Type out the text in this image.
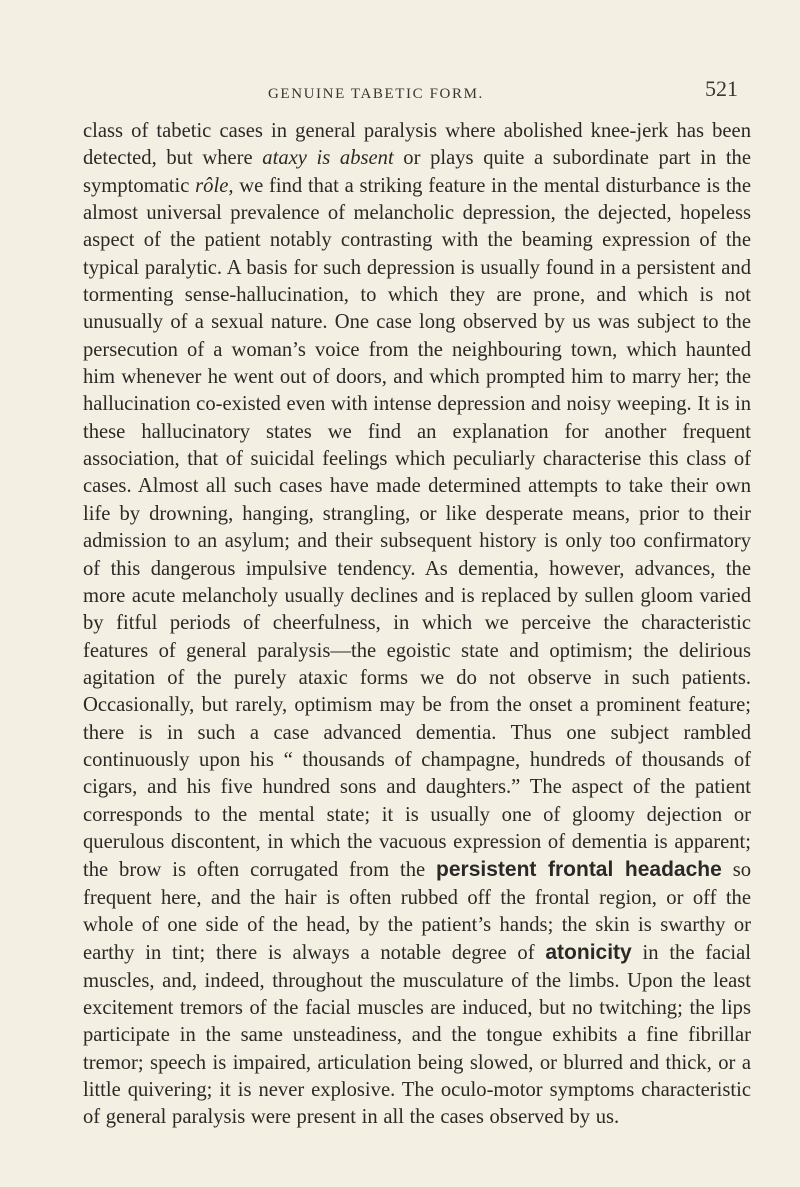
GENUINE TABETIC FORM.	521
class of tabetic cases in general paralysis where abolished knee-jerk has been detected, but where ataxy is absent or plays quite a subordinate part in the symptomatic rôle, we find that a striking feature in the mental disturbance is the almost universal prevalence of melancholic depression, the dejected, hopeless aspect of the patient notably contrasting with the beaming expression of the typical paralytic. A basis for such depression is usually found in a persistent and tormenting sense-hallucination, to which they are prone, and which is not unusually of a sexual nature. One case long observed by us was subject to the persecution of a woman’s voice from the neighbouring town, which haunted him whenever he went out of doors, and which prompted him to marry her; the hallucination co-existed even with intense depression and noisy weeping. It is in these hallucinatory states we find an explanation for another frequent association, that of suicidal feelings which peculiarly characterise this class of cases. Almost all such cases have made determined attempts to take their own life by drowning, hanging, strangling, or like desperate means, prior to their admission to an asylum; and their subsequent history is only too confirmatory of this dangerous impulsive tendency. As dementia, however, advances, the more acute melancholy usually declines and is replaced by sullen gloom varied by fitful periods of cheerfulness, in which we perceive the characteristic features of general paralysis—the egoistic state and optimism; the delirious agitation of the purely ataxic forms we do not observe in such patients. Occasionally, but rarely, optimism may be from the onset a prominent feature; there is in such a case advanced dementia. Thus one subject rambled continuously upon his “ thousands of champagne, hundreds of thousands of cigars, and his five hundred sons and daughters.” The aspect of the patient corresponds to the mental state; it is usually one of gloomy dejection or querulous discontent, in which the vacuous expression of dementia is apparent; the brow is often corrugated from the persistent frontal headache so frequent here, and the hair is often rubbed off the frontal region, or off the whole of one side of the head, by the patient’s hands; the skin is swarthy or earthy in tint; there is always a notable degree of atonicity in the facial muscles, and, indeed, throughout the musculature of the limbs. Upon the least excitement tremors of the facial muscles are induced, but no twitching; the lips participate in the same unsteadiness, and the tongue exhibits a fine fibrillar tremor; speech is impaired, articulation being slowed, or blurred and thick, or a little quivering; it is never explosive. The oculo-motor symptoms characteristic of general paralysis were present in all the cases observed by us.
